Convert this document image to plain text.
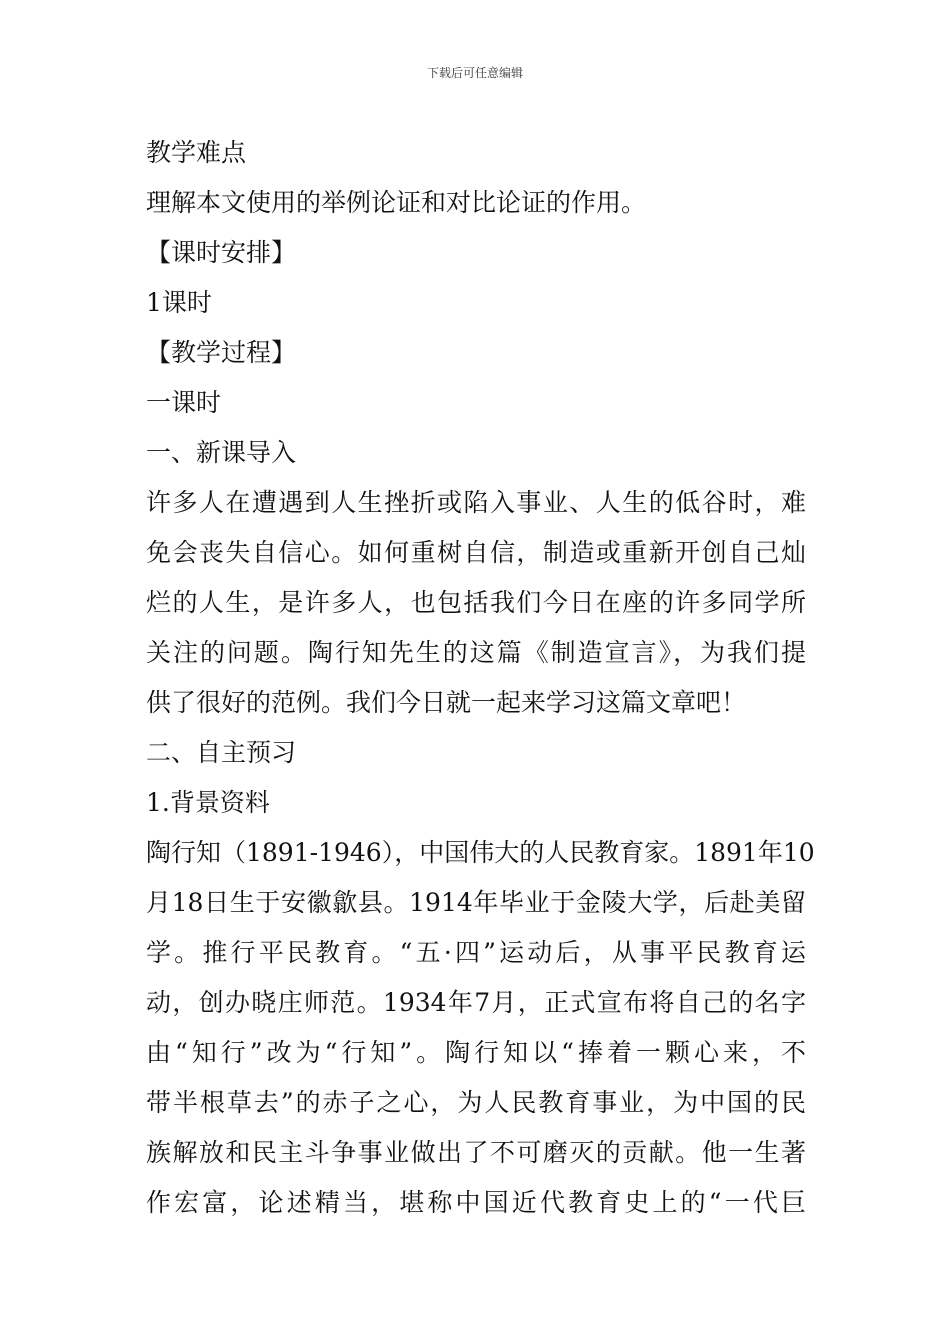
下载后可任意编辑
教学难点
理解本文使用的举例论证和对比论证的作用。
【课时安排】
1课时
【教学过程】
一课时
一、新课导入
许多人在遭遇到人生挫折或陷入事业、人生的低谷时，难
免会丧失自信心。如何重树自信，制造或重新开创自己灿
烂的人生，是许多人，也包括我们今日在座的许多同学所
关注的问题。陶行知先生的这篇《制造宣言》，为我们提
供了很好的范例。我们今日就一起来学习这篇文章吧！
二、自主预习
1.背景资料
陶行知（1891-1946），中国伟大的人民教育家。1891年10
月18日生于安徽歙县。1914年毕业于金陵大学，后赴美留
学。推行平民教育。“五·四”运动后，从事平民教育运
动，创办晓庄师范。1934年7月，正式宣布将自己的名字
由“知行”改为“行知”。陶行知以“捧着一颗心来，不
带半根草去”的赤子之心，为人民教育事业，为中国的民
族解放和民主斗争事业做出了不可磨灭的贡献。他一生著
作宏富，论述精当，堪称中国近代教育史上的“一代巨
